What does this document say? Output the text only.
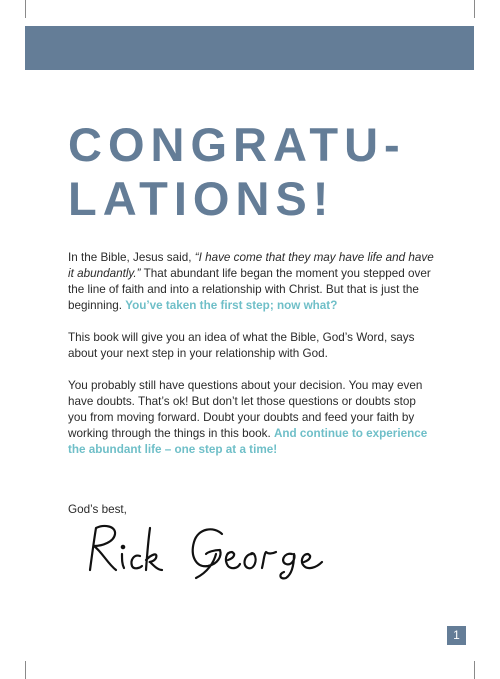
CONGRATU-
LATIONS!

In the Bible, Jesus said, “I have come that they may have life and have it abundantly.” That abundant life began the moment you stepped over the line of faith and into a relationship with Christ. But that is just the beginning. You’ve taken the first step; now what?

This book will give you an idea of what the Bible, God’s Word, says about your next step in your relationship with God.

You probably still have questions about your decision. You may even have doubts. That’s ok! But don’t let those questions or doubts stop you from moving forward. Doubt your doubts and feed your faith by working through the things in this book. And continue to experience the abundant life – one step at a time!

God’s best,
1
